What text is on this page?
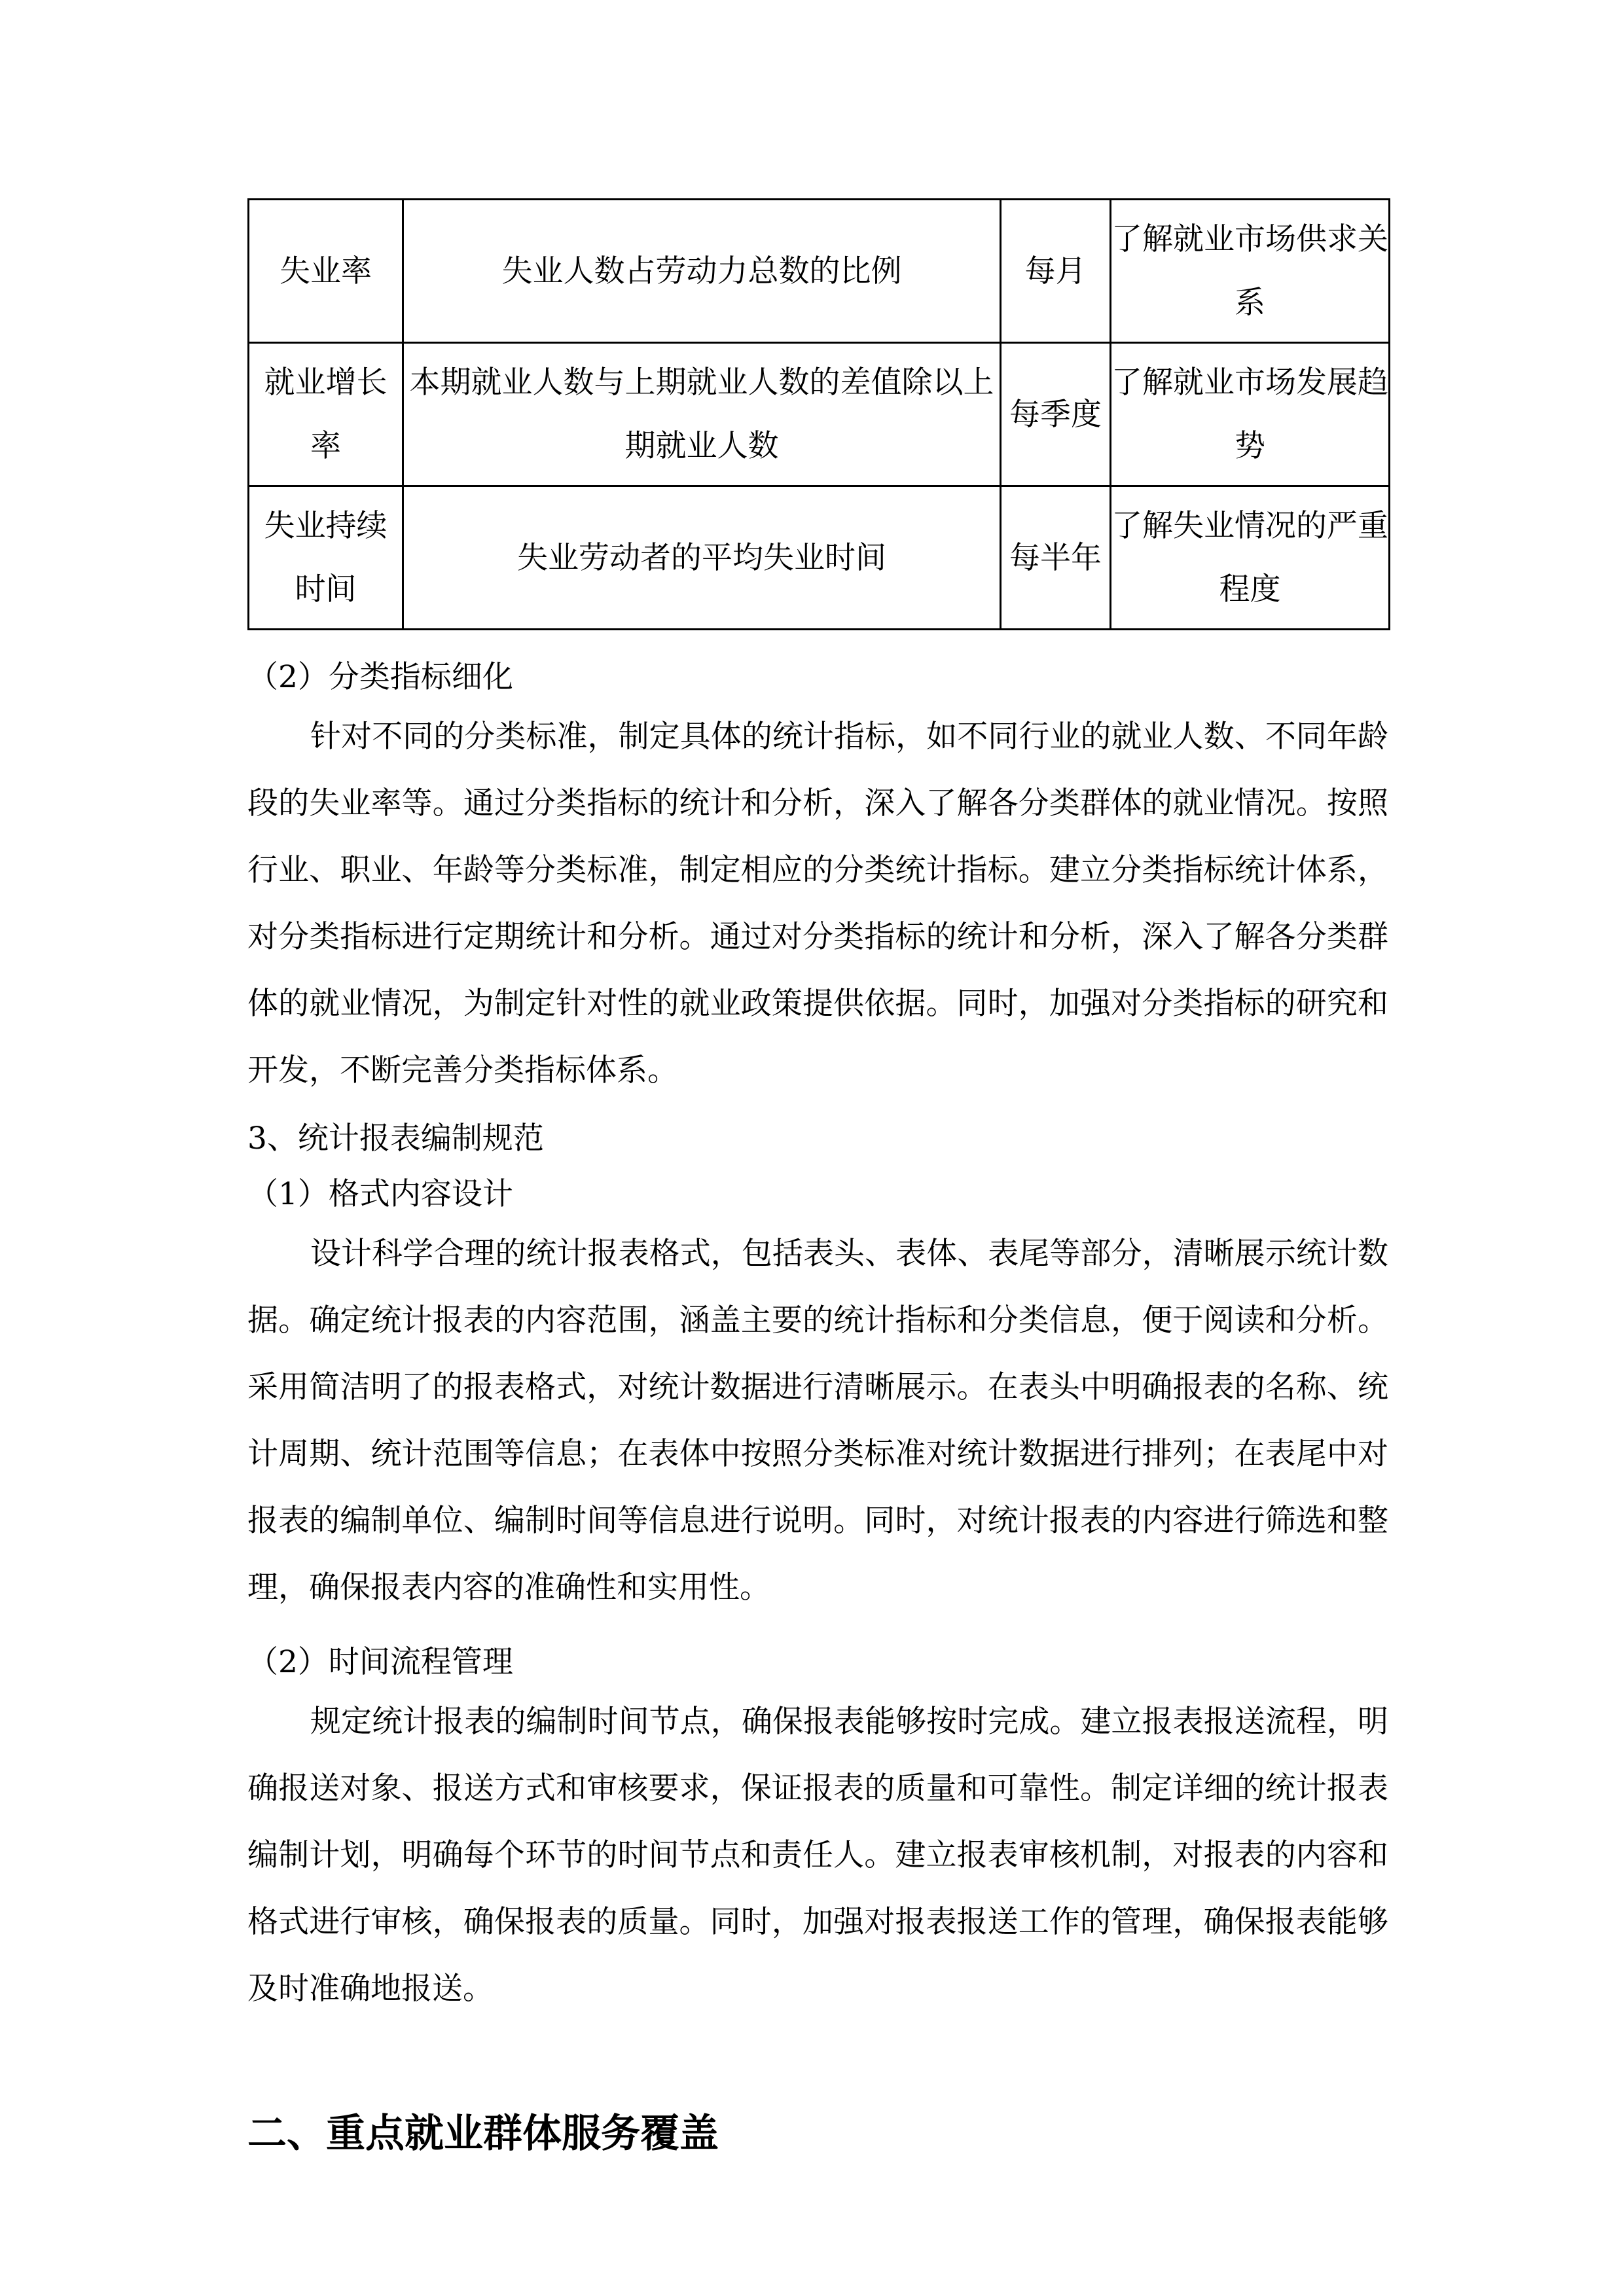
失业率	失业人数占劳动力总数的比例	每月	了解就业市场供求关系
就业增长率	本期就业人数与上期就业人数的差值除以上期就业人数	每季度	了解就业市场发展趋势
失业持续时间	失业劳动者的平均失业时间	每半年	了解失业情况的严重程度
（2）分类指标细化

针对不同的分类标准，制定具体的统计指标，如不同行业的就业人数、不同年龄段的失业率等。通过分类指标的统计和分析，深入了解各分类群体的就业情况。按照行业、职业、年龄等分类标准，制定相应的分类统计指标。建立分类指标统计体系，对分类指标进行定期统计和分析。通过对分类指标的统计和分析，深入了解各分类群体的就业情况，为制定针对性的就业政策提供依据。同时，加强对分类指标的研究和开发，不断完善分类指标体系。

3、统计报表编制规范
（1）格式内容设计

设计科学合理的统计报表格式，包括表头、表体、表尾等部分，清晰展示统计数据。确定统计报表的内容范围，涵盖主要的统计指标和分类信息，便于阅读和分析。采用简洁明了的报表格式，对统计数据进行清晰展示。在表头中明确报表的名称、统计周期、统计范围等信息；在表体中按照分类标准对统计数据进行排列；在表尾中对报表的编制单位、编制时间等信息进行说明。同时，对统计报表的内容进行筛选和整理，确保报表内容的准确性和实用性。

（2）时间流程管理

规定统计报表的编制时间节点，确保报表能够按时完成。建立报表报送流程，明确报送对象、报送方式和审核要求，保证报表的质量和可靠性。制定详细的统计报表编制计划，明确每个环节的时间节点和责任人。建立报表审核机制，对报表的内容和格式进行审核，确保报表的质量。同时，加强对报表报送工作的管理，确保报表能够及时准确地报送。

二、重点就业群体服务覆盖
